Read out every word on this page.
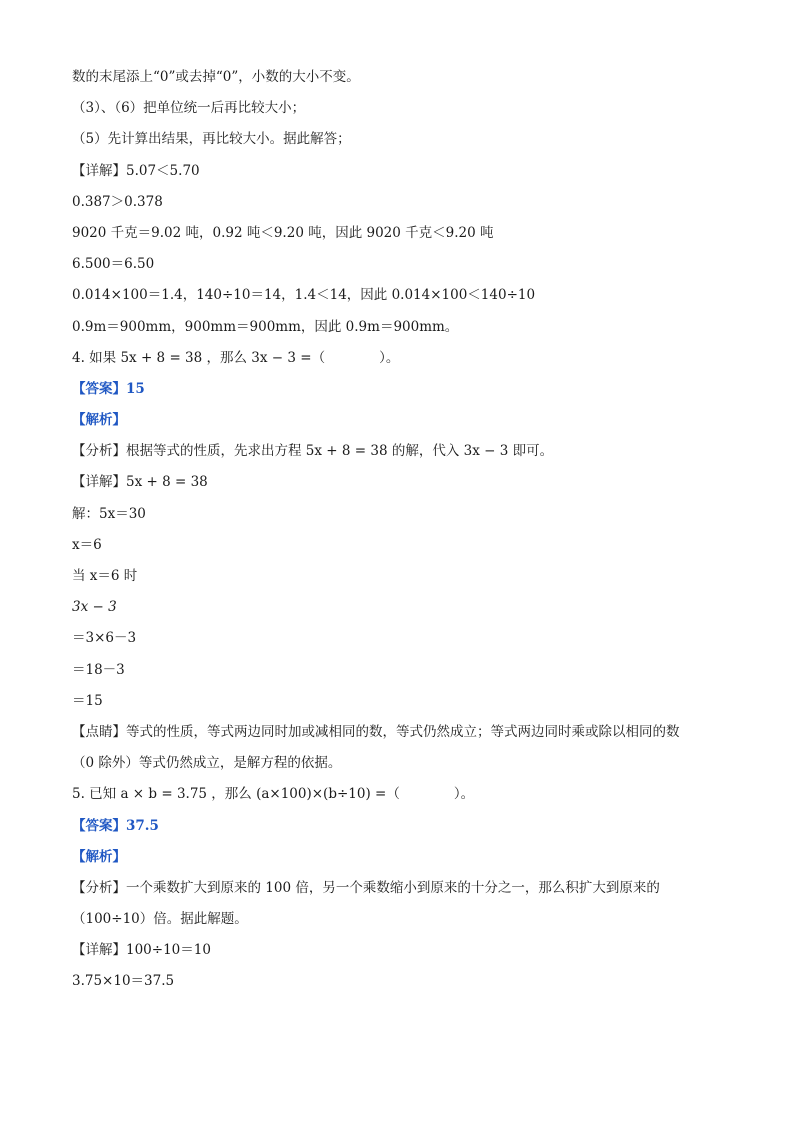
数的末尾添上“0”或去掉“0”，小数的大小不变。
（3）、（6）把单位统一后再比较大小；
（5）先计算出结果，再比较大小。据此解答；
【详解】5.07＜5.70
0.387＞0.378
9020 千克＝9.02 吨，0.92 吨＜9.20 吨，因此 9020 千克＜9.20 吨
6.500＝6.50
0.014×100＝1.4，140÷10＝14，1.4＜14，因此 0.014×100＜140÷10
0.9m＝900mm，900mm＝900mm，因此 0.9m＝900mm。
4. 如果 5x + 8 = 38 ，那么 3x − 3 =（　　　　）。
【答案】15
【解析】
【分析】根据等式的性质，先求出方程 5x + 8 = 38 的解，代入 3x − 3 即可。
【详解】5x + 8 = 38
解：5x＝30
x＝6
当 x＝6 时
3x − 3
＝3×6－3
＝18－3
＝15
【点睛】等式的性质，等式两边同时加或减相同的数，等式仍然成立；等式两边同时乘或除以相同的数
（0 除外）等式仍然成立，是解方程的依据。
5. 已知 a × b = 3.75 ，那么 (a×100)×(b÷10) =（　　　　）。
【答案】37.5
【解析】
【分析】一个乘数扩大到原来的 100 倍，另一个乘数缩小到原来的十分之一，那么积扩大到原来的
（100÷10）倍。据此解题。
【详解】100÷10＝10
3.75×10＝37.5
